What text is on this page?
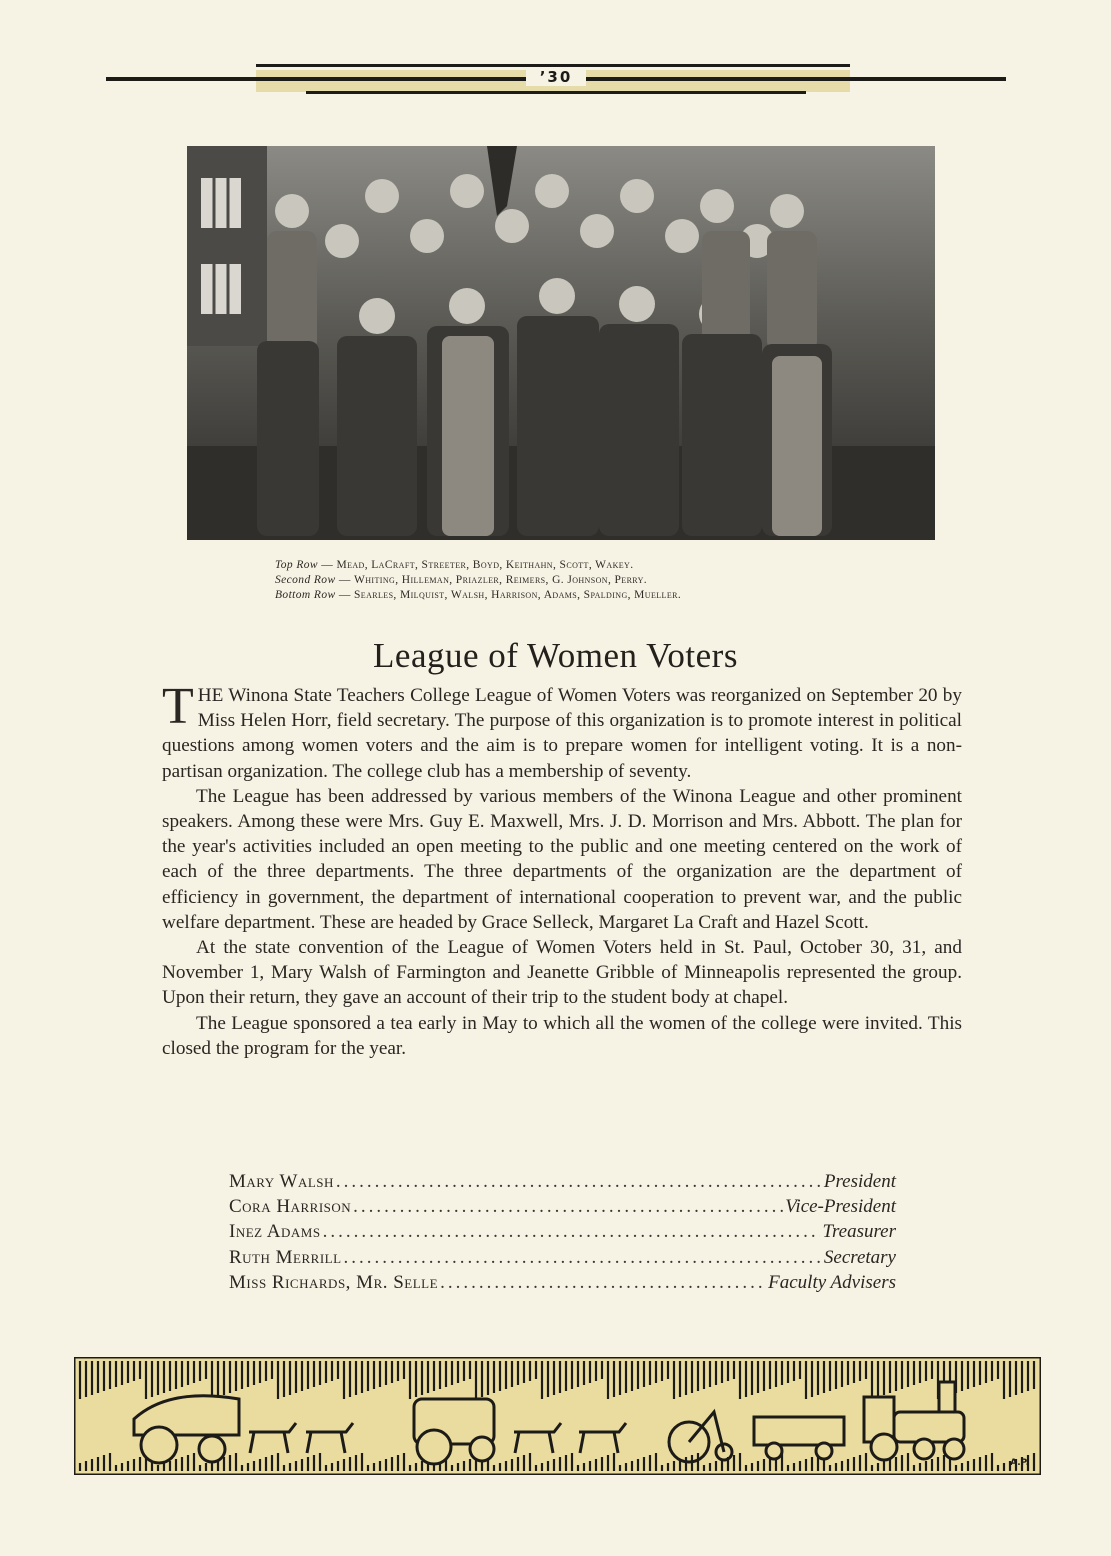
’30
Top Row — Mead, LaCraft, Streeter, Boyd, Keithahn, Scott, Wakey.
Second Row — Whiting, Hilleman, Priazler, Reimers, G. Johnson, Perry.
Bottom Row — Searles, Milquist, Walsh, Harrison, Adams, Spalding, Mueller.
League of Women Voters

THE Winona State Teachers College League of Women Voters was reorganized on September 20 by Miss Helen Horr, field secretary. The purpose of this organization is to promote interest in political questions among women voters and the aim is to prepare women for intelligent voting. It is a non-partisan organization. The college club has a membership of seventy.

The League has been addressed by various members of the Winona League and other prominent speakers. Among these were Mrs. Guy E. Maxwell, Mrs. J. D. Morrison and Mrs. Abbott. The plan for the year's activities included an open meeting to the public and one meeting centered on the work of each of the three departments. The three departments of the organization are the department of efficiency in government, the department of international cooperation to prevent war, and the public welfare department. These are headed by Grace Selleck, Margaret La Craft and Hazel Scott.

At the state convention of the League of Women Voters held in St. Paul, October 30, 31, and November 1, Mary Walsh of Farmington and Jeanette Gribble of Minneapolis represented the group. Upon their return, they gave an account of their trip to the student body at chapel.

The League sponsored a tea early in May to which all the women of the college were invited. This closed the program for the year.

Mary Walsh .....	President
Cora Harrison .....	Vice-President
Inez Adams .....	Treasurer
Ruth Merrill .....	Secretary
Miss Richards, Mr. Selle .....	Faculty Advisers
A.P.
